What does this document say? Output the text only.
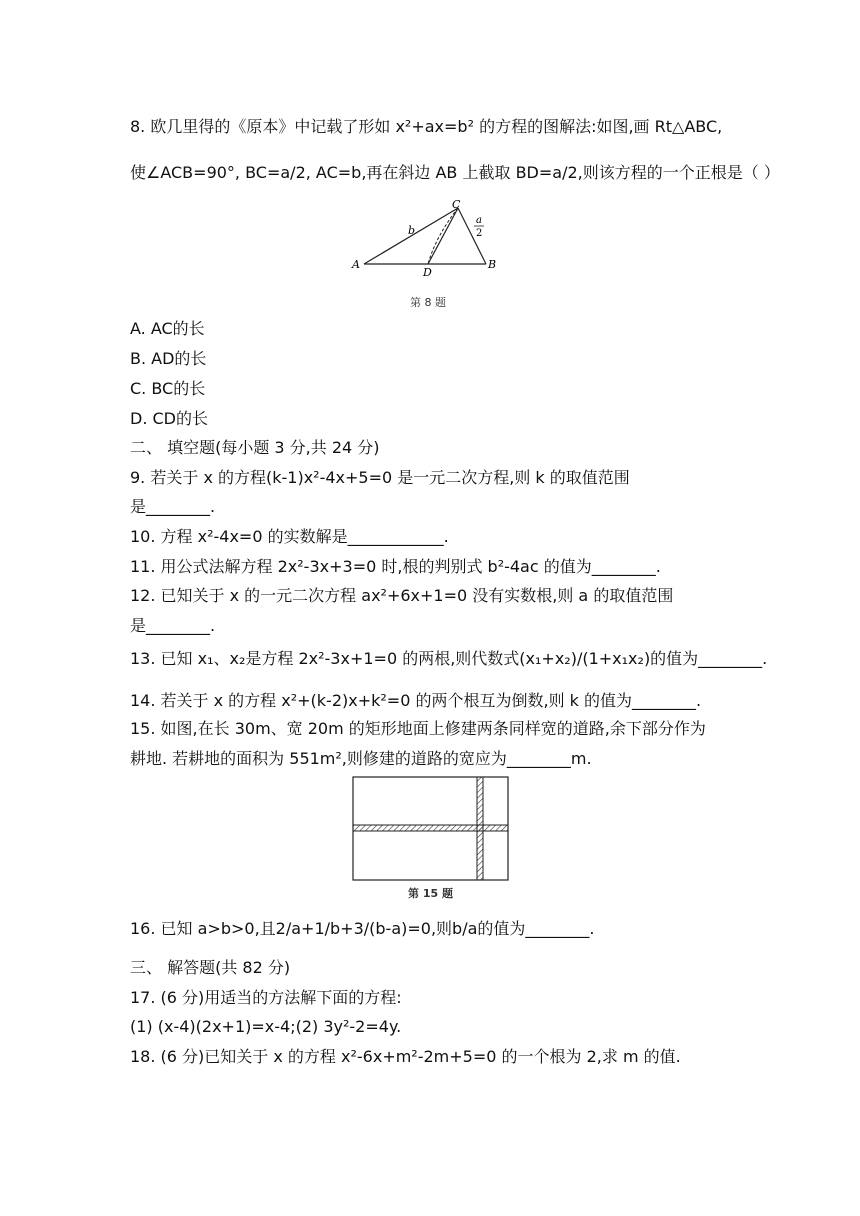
8. 欧几里得的《原本》中记载了形如 x²+ax=b² 的方程的图解法:如图,画 Rt△ABC,
使∠ACB=90°, BC=a/2, AC=b,再在斜边 AB 上截取 BD=a/2,则该方程的一个正根是（ ）
A. AC的长
B. AD的长
C. BC的长
D. CD的长
二、 填空题(每小题 3 分,共 24 分)
9. 若关于 x 的方程(k-1)x²-4x+5=0 是一元二次方程,则 k 的取值范围
是________.
10. 方程 x²-4x=0 的实数解是____________.
11. 用公式法解方程 2x²-3x+3=0 时,根的判别式 b²-4ac 的值为________.
12. 已知关于 x 的一元二次方程 ax²+6x+1=0 没有实数根,则 a 的取值范围
是________.
13. 已知 x₁、x₂是方程 2x²-3x+1=0 的两根,则代数式(x₁+x₂)/(1+x₁x₂)的值为________.
14. 若关于 x 的方程 x²+(k-2)x+k²=0 的两个根互为倒数,则 k 的值为________.
15. 如图,在长 30m、宽 20m 的矩形地面上修建两条同样宽的道路,余下部分作为
耕地. 若耕地的面积为 551m²,则修建的道路的宽应为________m.
16. 已知 a>b>0,且2/a+1/b+3/(b-a)=0,则b/a的值为________.
三、 解答题(共 82 分)
17. (6 分)用适当的方法解下面的方程:
(1) (x-4)(2x+1)=x-4;(2) 3y²-2=4y.
18. (6 分)已知关于 x 的方程 x²-6x+m²-2m+5=0 的一个根为 2,求 m 的值.
A	B
C
D
b
a
2
第 8 题
第 15 题
